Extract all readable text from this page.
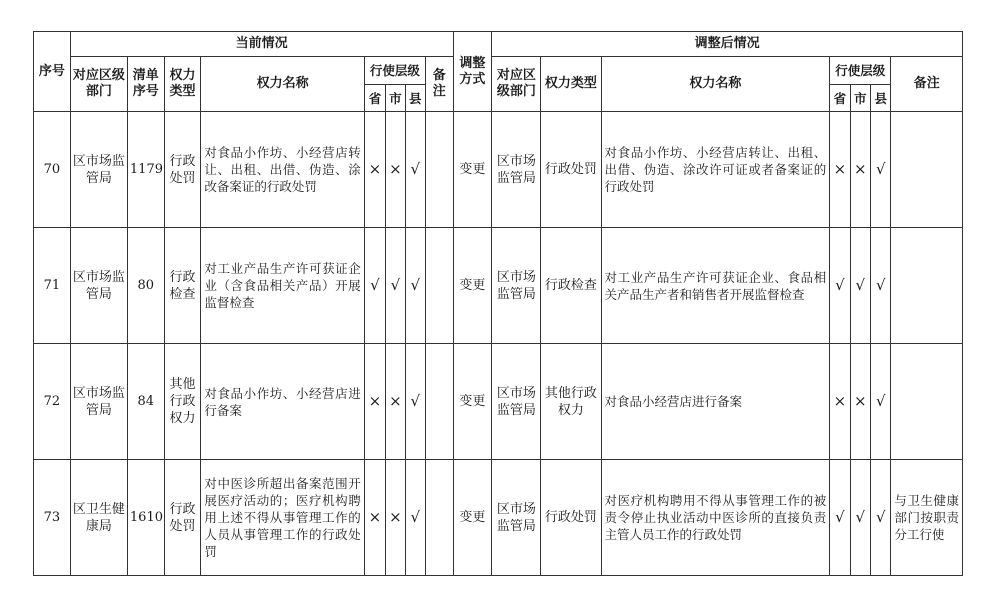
序号	当前情况								调整方式	调整后情况						
	对应区级部门	清单序号	权力类型	权力名称	行使层级			备注		对应区级部门	权力类型	权力名称	行使层级			备注
					省	市	县						省	市	县	
70	区市场监管局	1179	行政处罚	对食品小作坊、小经营店转让、出租、出借、伪造、涂改备案证的行政处罚	×	×	√		变更	区市场监管局	行政处罚	对食品小作坊、小经营店转让、出租、出借、伪造、涂改许可证或者备案证的行政处罚	×	×	√	
71	区市场监管局	80	行政检查	对工业产品生产许可获证企业（含食品相关产品）开展监督检查	√	√	√		变更	区市场监管局	行政检查	对工业产品生产许可获证企业、食品相关产品生产者和销售者开展监督检查	√	√	√	
72	区市场监管局	84	其他行政权力	对食品小作坊、小经营店进行备案	×	×	√		变更	区市场监管局	其他行政权力	对食品小经营店进行备案	×	×	√	
73	区卫生健康局	1610	行政处罚	对中医诊所超出备案范围开展医疗活动的；医疗机构聘用上述不得从事管理工作的人员从事管理工作的行政处罚	×	×	√		变更	区市场监管局	行政处罚	对医疗机构聘用不得从事管理工作的被责令停止执业活动中医诊所的直接负责主管人员工作的行政处罚	√	√	√	与卫生健康部门按职责分工行使
